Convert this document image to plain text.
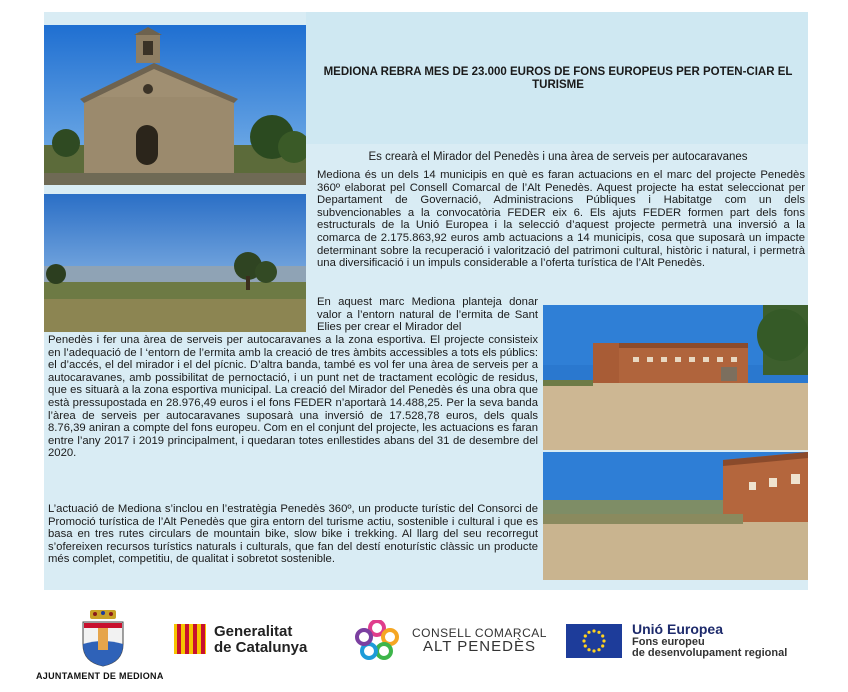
MEDIONA REBRA MES DE 23.000 EUROS DE FONS EUROPEUS PER POTEN-CIAR EL TURISME
Es crearà el Mirador del Penedès i una àrea de serveis per autocaravanes

Mediona és un dels 14 municipis en què es faran actuacions en el marc del projecte Penedès 360º elaborat pel Consell Comarcal de l’Alt Penedès. Aquest projecte ha estat seleccionat per Departament de Governació, Administracions Públiques i Habitatge com un dels subvencionables a la convocatòria FEDER eix 6. Els ajuts FEDER formen part dels fons estructurals de la Unió Europea i la selecció d’aquest projecte permetrà una inversió a la comarca de 2.175.863,92 euros amb actuacions a 14 municipis, cosa que suposarà un impacte determinant sobre la recuperació i valorització del patrimoni cultural, històric i natural, i permetrà una diversificació i un impuls considerable a l’oferta turística de l’Alt Penedès.

En aquest marc Mediona planteja donar valor a l’entorn natural de l’ermita de Sant Elies per crear el Mirador del

Penedès i fer una àrea de serveis per autocaravanes a la zona esportiva. El projecte consisteix en l’adequació de l ‘entorn de l’ermita amb la creació de tres àmbits accessibles a tots els públics: el d’accés, el del mirador i el del pícnic. D’altra banda, també es vol fer una àrea de serveis per a autocaravanes, amb possibilitat de pernoctació, i un punt net de tractament ecològic de residus, que es situarà a la zona esportiva municipal. La creació del Mirador del Penedès és una obra que està pressupostada en 28.976,49 euros i el fons FEDER n’aportarà 14.488,25. Per la seva banda l’àrea de serveis per autocaravanes suposarà una inversió de 17.528,78 euros, dels quals 8.76,39 aniran a compte del fons europeu. Com en el conjunt del projecte, les actuacions es faran entre l’any 2017 i 2019 principalment, i quedaran totes enllestides abans del 31 de desembre del 2020.

L’actuació de Mediona s’inclou en l’estratègia Penedès 360º, un producte turístic del Consorci de Promoció turística de l’Alt Penedès que gira entorn del turisme actiu, sostenible i cultural i que es basa en tres rutes circulars de mountain bike, slow bike i trekking. Al llarg del seu recorregut s’ofereixen recursos turístics naturals i culturals, que fan del destí enoturístic clàssic un producte més complet, competitiu, de qualitat i sobretot sostenible.

AJUNTAMENT DE MEDIONA
Generalitat
de Catalunya
CONSELL COMARCAL
ALT PENEDÈS
Unió Europea
Fons europeu
de desenvolupament regional
